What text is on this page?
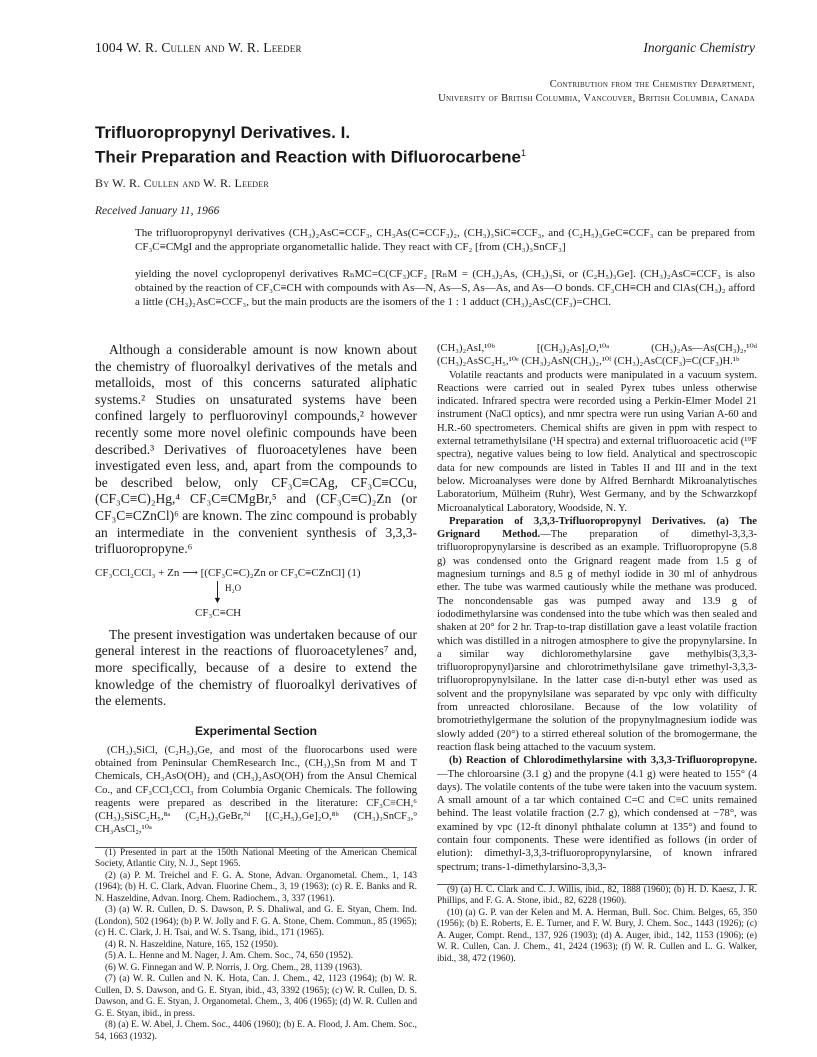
1004 W. R. Cullen and W. R. Leeder	Inorganic Chemistry
Contribution from the Chemistry Department,
University of British Columbia, Vancouver, British Columbia, Canada
Trifluoropropynyl Derivatives. I.
Their Preparation and Reaction with Difluorocarbene$^1$
By W. R. Cullen and W. R. Leeder
Received January 11, 1966

The trifluoropropynyl derivatives (CH₃)₂AsC≡CCF₃, CH₃As(C≡CCF₃)₂, (CH₃)₃SiC≡CCF₃, and (C₂H₅)₃GeC≡CCF₃ can be prepared from CF₃C≡CMgI and the appropriate organometallic halide. They react with CF₂ [from (CH₃)₃SnCF₃]

yielding the novel cyclopropenyl derivatives RₙMC=C(CF₃)CF₂ [RₙM = (CH₃)₂As, (CH₃)₃Si, or (C₂H₅)₃Ge]. (CH₃)₂AsC≡CCF₃ is also obtained by the reaction of CF₃C≡CH with compounds with As—N, As—S, As—As, and As—O bonds. CF₃CH≡CH and ClAs(CH₃)₂ afford a little (CH₃)₂AsC≡CCF₃, but the main products are the isomers of the 1 : 1 adduct (CH₃)₂AsC(CF₃)=CHCl.

Although a considerable amount is now known about the chemistry of fluoroalkyl derivatives of the metals and metalloids, most of this concerns saturated aliphatic systems.² Studies on unsaturated systems have been confined largely to perfluorovinyl compounds,² however recently some more novel olefinic compounds have been described.³ Derivatives of fluoroacetylenes have been investigated even less, and, apart from the compounds to be described below, only CF₃C≡CAg, CF₃C≡CCu, (CF₃C≡C)₂Hg,⁴ CF₃C≡CMgBr,⁵ and (CF₃C≡C)₂Zn (or CF₃C≡CZnCl)⁶ are known. The zinc compound is probably an intermediate in the convenient synthesis of 3,3,3-trifluoropropyne.⁶

CF₃CCl₂CCl₃ + Zn ⟶ [(CF₃C≡C)₂Zn or CF₃C≡CZnCl] (1)
▼
H₂O
CF₃C≡CH

The present investigation was undertaken because of our general interest in the reactions of fluoroacetylenes⁷ and, more specifically, because of a desire to extend the knowledge of the chemistry of fluoroalkyl derivatives of the elements.

Experimental Section

(CH₃)₃SiCl, (C₂H₅)₃Ge, and most of the fluorocarbons used were obtained from Peninsular ChemResearch Inc., (CH₃)₃Sn from M and T Chemicals, CH₃AsO(OH)₂ and (CH₃)₂AsO(OH) from the Ansul Chemical Co., and CF₃CCl₂CCl₃ from Columbia Organic Chemicals. The following reagents were prepared as described in the literature: CF₃C≡CH,⁶ (CH₃)₃SiSC₂H₅,⁸ᵃ (C₂H₅)₃GeBr,⁷ᵈ [(C₂H₅)₃Ge]₂O,⁸ᵇ (CH₃)₃SnCF₃,⁹ CH₃AsCl₂,¹⁰ᵃ

(1) Presented in part at the 150th National Meeting of the American Chemical Society, Atlantic City, N. J., Sept 1965.

(2) (a) P. M. Treichel and F. G. A. Stone, Advan. Organometal. Chem., 1, 143 (1964); (b) H. C. Clark, Advan. Fluorine Chem., 3, 19 (1963); (c) R. E. Banks and R. N. Haszeldine, Advan. Inorg. Chem. Radiochem., 3, 337 (1961).

(3) (a) W. R. Cullen, D. S. Dawson, P. S. Dhaliwal, and G. E. Styan, Chem. Ind. (London), 502 (1964); (b) P. W. Jolly and F. G. A. Stone, Chem. Commun., 85 (1965); (c) H. C. Clark, J. H. Tsai, and W. S. Tsang, ibid., 171 (1965).

(4) R. N. Haszeldine, Nature, 165, 152 (1950).

(5) A. L. Henne and M. Nager, J. Am. Chem. Soc., 74, 650 (1952).

(6) W. G. Finnegan and W. P. Norris, J. Org. Chem., 28, 1139 (1963).

(7) (a) W. R. Cullen and N. K. Hota, Can. J. Chem., 42, 1123 (1964); (b) W. R. Cullen, D. S. Dawson, and G. E. Styan, ibid., 43, 3392 (1965); (c) W. R. Cullen, D. S. Dawson, and G. E. Styan, J. Organometal. Chem., 3, 406 (1965); (d) W. R. Cullen and G. E. Styan, ibid., in press.

(8) (a) E. W. Abel, J. Chem. Soc., 4406 (1960); (b) E. A. Flood, J. Am. Chem. Soc., 54, 1663 (1932).

(CH₃)₂AsI,¹⁰ᵇ [(CH₃)₂As]₂O,¹⁰ᵃ (CH₃)₂As—As(CH₃)₂,¹⁰ᵈ (CH₃)₂AsSC₂H₅,¹⁰ᵉ (CH₃)₂AsN(CH₃)₂,¹⁰ᶠ (CH₃)₂AsC(CF₃)=C(CF₃)H.¹ᵇ

Volatile reactants and products were manipulated in a vacuum system. Reactions were carried out in sealed Pyrex tubes unless otherwise indicated. Infrared spectra were recorded using a Perkin-Elmer Model 21 instrument (NaCl optics), and nmr spectra were run using Varian A-60 and H.R.-60 spectrometers. Chemical shifts are given in ppm with respect to external tetramethylsilane (¹H spectra) and external trifluoroacetic acid (¹⁹F spectra), negative values being to low field. Analytical and spectroscopic data for new compounds are listed in Tables II and III and in the text below. Microanalyses were done by Alfred Bernhardt Mikroanalytisches Laboratorium, Mülheim (Ruhr), West Germany, and by the Schwarzkopf Microanalytical Laboratory, Woodside, N. Y.

Preparation of 3,3,3-Trifluoropropynyl Derivatives. (a) The Grignard Method.—The preparation of dimethyl-3,3,3-trifluoropropynylarsine is described as an example. Trifluoropropyne (5.8 g) was condensed onto the Grignard reagent made from 1.5 g of magnesium turnings and 8.5 g of methyl iodide in 30 ml of anhydrous ether. The tube was warmed cautiously while the methane was produced. The noncondensable gas was pumped away and 13.9 g of iododimethylarsine was condensed into the tube which was then sealed and shaken at 20° for 2 hr. Trap-to-trap distillation gave a least volatile fraction which was distilled in a nitrogen atmosphere to give the propynylarsine. In a similar way dichloromethylarsine gave methylbis(3,3,3-trifluoropropynyl)arsine and chlorotrimethylsilane gave trimethyl-3,3,3-trifluoropropynylsilane. In the latter case di-n-butyl ether was used as solvent and the propynylsilane was separated by vpc only with difficulty from unreacted chlorosilane. Because of the low volatility of bromotriethylgermane the solution of the propynylmagnesium iodide was slowly added (20°) to a stirred ethereal solution of the bromogermane, the reaction flask being attached to the vacuum system.

(b) Reaction of Chlorodimethylarsine with 3,3,3-Trifluoropropyne.—The chloroarsine (3.1 g) and the propyne (4.1 g) were heated to 155° (4 days). The volatile contents of the tube were taken into the vacuum system. A small amount of a tar which contained C=C and C≡C units remained behind. The least volatile fraction (2.7 g), which condensed at −78°, was examined by vpc (12-ft dinonyl phthalate column at 135°) and found to contain four components. These were identified as follows (in order of elution): dimethyl-3,3,3-trifluoropropynylarsine, of known infrared spectrum; trans-1-dimethylarsino-3,3,3-

(9) (a) H. C. Clark and C. J. Willis, ibid., 82, 1888 (1960); (b) H. D. Kaesz, J. R. Phillips, and F. G. A. Stone, ibid., 82, 6228 (1960).

(10) (a) G. P. van der Kelen and M. A. Herman, Bull. Soc. Chim. Belges, 65, 350 (1956); (b) E. Roberts, E. E. Turner, and F. W. Bury, J. Chem. Soc., 1443 (1926); (c) A. Auger, Compt. Rend., 137, 926 (1903); (d) A. Auger, ibid., 142, 1153 (1906); (e) W. R. Cullen, Can. J. Chem., 41, 2424 (1963); (f) W. R. Cullen and L. G. Walker, ibid., 38, 472 (1960).
